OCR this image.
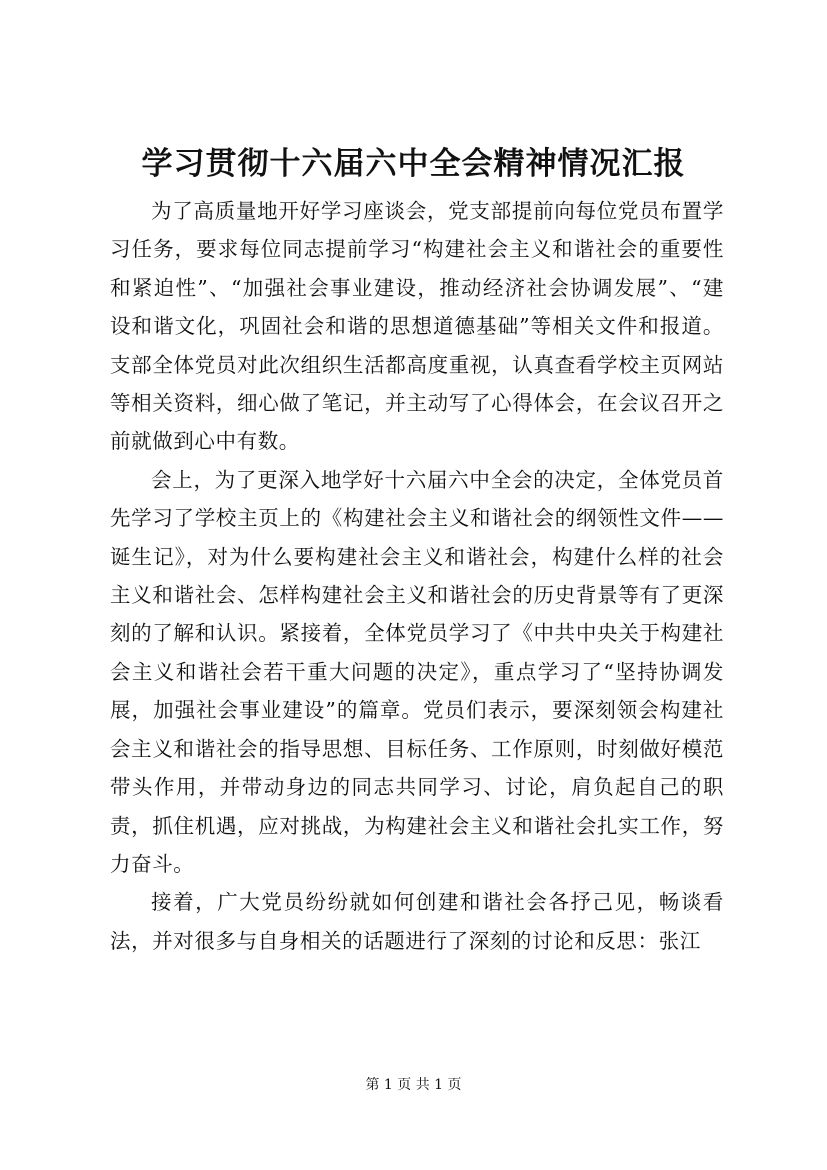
学习贯彻十六届六中全会精神情况汇报

为了高质量地开好学习座谈会，党支部提前向每位党员布置学习任务，要求每位同志提前学习“构建社会主义和谐社会的重要性和紧迫性”、“加强社会事业建设，推动经济社会协调发展”、“建设和谐文化，巩固社会和谐的思想道德基础”等相关文件和报道。支部全体党员对此次组织生活都高度重视，认真查看学校主页网站等相关资料，细心做了笔记，并主动写了心得体会，在会议召开之前就做到心中有数。

会上，为了更深入地学好十六届六中全会的决定，全体党员首先学习了学校主页上的《构建社会主义和谐社会的纲领性文件——诞生记》，对为什么要构建社会主义和谐社会，构建什么样的社会主义和谐社会、怎样构建社会主义和谐社会的历史背景等有了更深刻的了解和认识。紧接着，全体党员学习了《中共中央关于构建社会主义和谐社会若干重大问题的决定》，重点学习了“坚持协调发展，加强社会事业建设”的篇章。党员们表示，要深刻领会构建社会主义和谐社会的指导思想、目标任务、工作原则，时刻做好模范带头作用，并带动身边的同志共同学习、讨论，肩负起自己的职责，抓住机遇，应对挑战，为构建社会主义和谐社会扎实工作，努力奋斗。

接着，广大党员纷纷就如何创建和谐社会各抒己见，畅谈看法，并对很多与自身相关的话题进行了深刻的讨论和反思：张江

第 1 页 共 1 页
